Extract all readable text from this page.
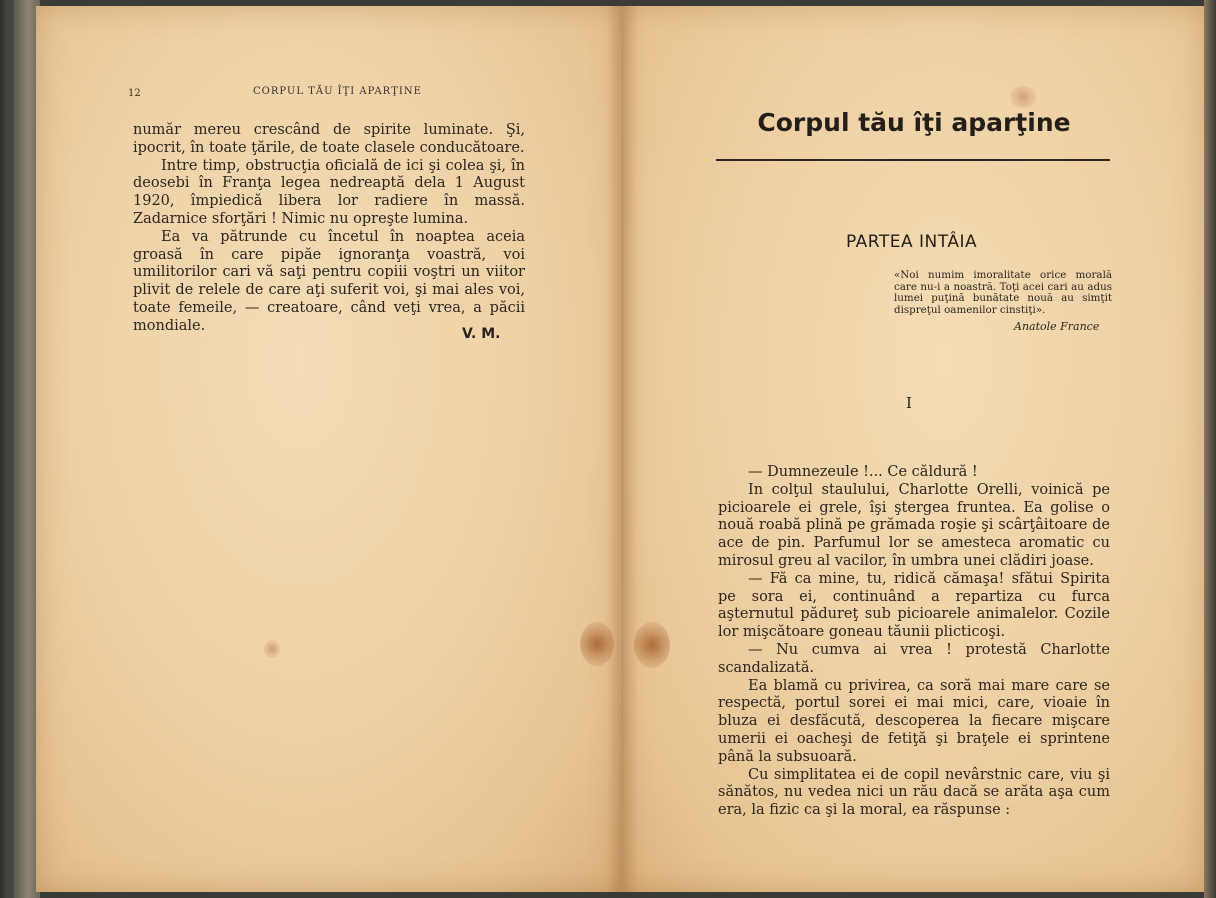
12	CORPUL TĂU ÎŢI APARŢINE

număr mereu crescând de spirite luminate. Şi, ipocrit, în toate ţările, de toate clasele conducătoare.

Intre timp, obstrucţia oficială de ici şi colea şi, în deosebi în Franţa legea nedreaptă dela 1 August 1920, împiedică libera lor radiere în massă. Zadarnice sforţări ! Nimic nu opreşte lumina.

Ea va pătrunde cu încetul în noaptea aceia groasă în care pipăe ignoranţa voastră, voi umilitorilor cari vă saţi pentru copiii voştri un viitor plivit de relele de care aţi suferit voi, şi mai ales voi, toate femeile, — creatoare, când veţi vrea, a păcii mondiale.

V. M.
Corpul tău îţi aparţine
PARTEA INTÂIA
«Noi numim imoralitate orice morală care nu-i a noastră. Toţi acei cari au adus lumei puţină bunătate nouă au simţit dispreţul oamenilor cinstiţi».
Anatole France
I

— Dumnezeule !... Ce căldură !

In colţul staulului, Charlotte Orelli, voinică pe picioarele ei grele, îşi ştergea fruntea. Ea golise o nouă roabă plină pe grămada roşie şi scârţâitoare de ace de pin. Parfumul lor se amesteca aromatic cu mirosul greu al vacilor, în umbra unei clădiri joase.

— Fă ca mine, tu, ridică cămaşa! sfătui Spirita pe sora ei, continuând a repartiza cu furca aşternutul pădureţ sub picioarele animalelor. Cozile lor mişcătoare goneau tăunii plicticoşi.

— Nu cumva ai vrea ! protestă Charlotte scandalizată.

Ea blamă cu privirea, ca soră mai mare care se respectă, portul sorei ei mai mici, care, vioaie în bluza ei desfăcută, descoperea la fiecare mişcare umerii ei oacheşi de fetiţă şi braţele ei sprintene până la subsuoară.

Cu simplitatea ei de copil nevârstnic care, viu şi sănătos, nu vedea nici un rău dacă se arăta aşa cum era, la fizic ca şi la moral, ea răspunse :
